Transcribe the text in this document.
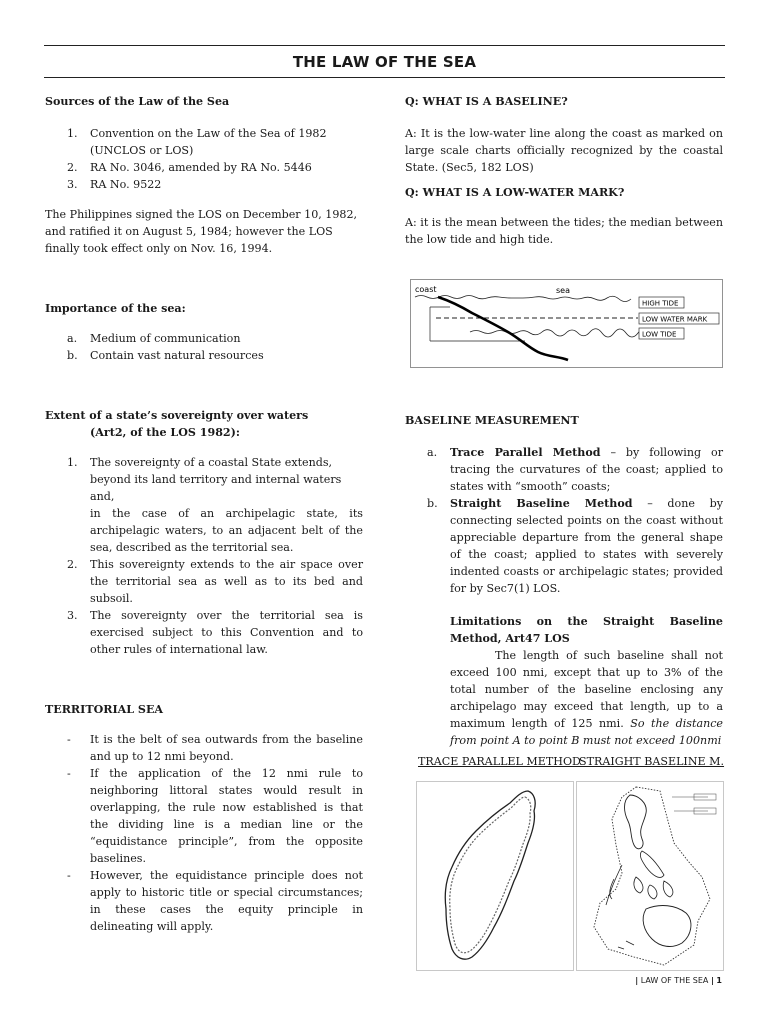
THE LAW OF THE SEA

Sources of the Law of the Sea

1. Convention on the Law of the Sea of 1982 (UNCLOS or LOS)
2. RA No. 3046, amended by RA No. 5446
3. RA No. 9522

The Philippines signed the LOS on December 10, 1982, and ratified it on August 5, 1984; however the LOS finally took effect only on Nov. 16, 1994.

Importance of the sea:

a. Medium of communication
b. Contain vast natural resources

Extent of a state’s sovereignty over waters

(Art2, of the LOS 1982):

1. The sovereignty of a coastal State extends, beyond its land territory and internal waters and,
in the case of an archipelagic state, its archipelagic waters, to an adjacent belt of the sea, described as the territorial sea.
2. This sovereignty extends to the air space over the territorial sea as well as to its bed and subsoil.
3. The sovereignty over the territorial sea is exercised subject to this Convention and to other rules of international law.

TERRITORIAL SEA

- It is the belt of sea outwards from the baseline and up to 12 nmi beyond.
- If the application of the 12 nmi rule to neighboring littoral states would result in overlapping, the rule now established is that the dividing line is a median line or the “equidistance principle”, from the opposite baselines.
- However, the equidistance principle does not apply to historic title or special circumstances; in these cases the equity principle in delineating will apply.

Q: WHAT IS A BASELINE?

A: It is the low-water line along the coast as marked on large scale charts officially recognized by the coastal State. (Sec5, 182 LOS)

Q: WHAT IS A LOW-WATER MARK?

A: it is the mean between the tides; the median between the low tide and high tide.

coast	sea
HIGH TIDE
LOW WATER MARK
LOW TIDE

BASELINE MEASUREMENT

a. Trace Parallel Method – by following or tracing the curvatures of the coast; applied to states with “smooth” coasts;
b. Straight Baseline Method – done by connecting selected points on the coast without appreciable departure from the general shape of the coast; applied to states with severely indented coasts or archipelagic states; provided for by Sec7(1) LOS.

Limitations on the Straight Baseline Method, Art47 LOS

The length of such baseline shall not exceed 100 nmi, except that up to 3% of the total number of the baseline enclosing any archipelago may exceed that length, up to a maximum length of 125 nmi. So the distance from point A to point B must not exceed 100nmi

TRACE PARALLEL METHOD
STRAIGHT BASELINE M.
| LAW OF THE SEA | 1
